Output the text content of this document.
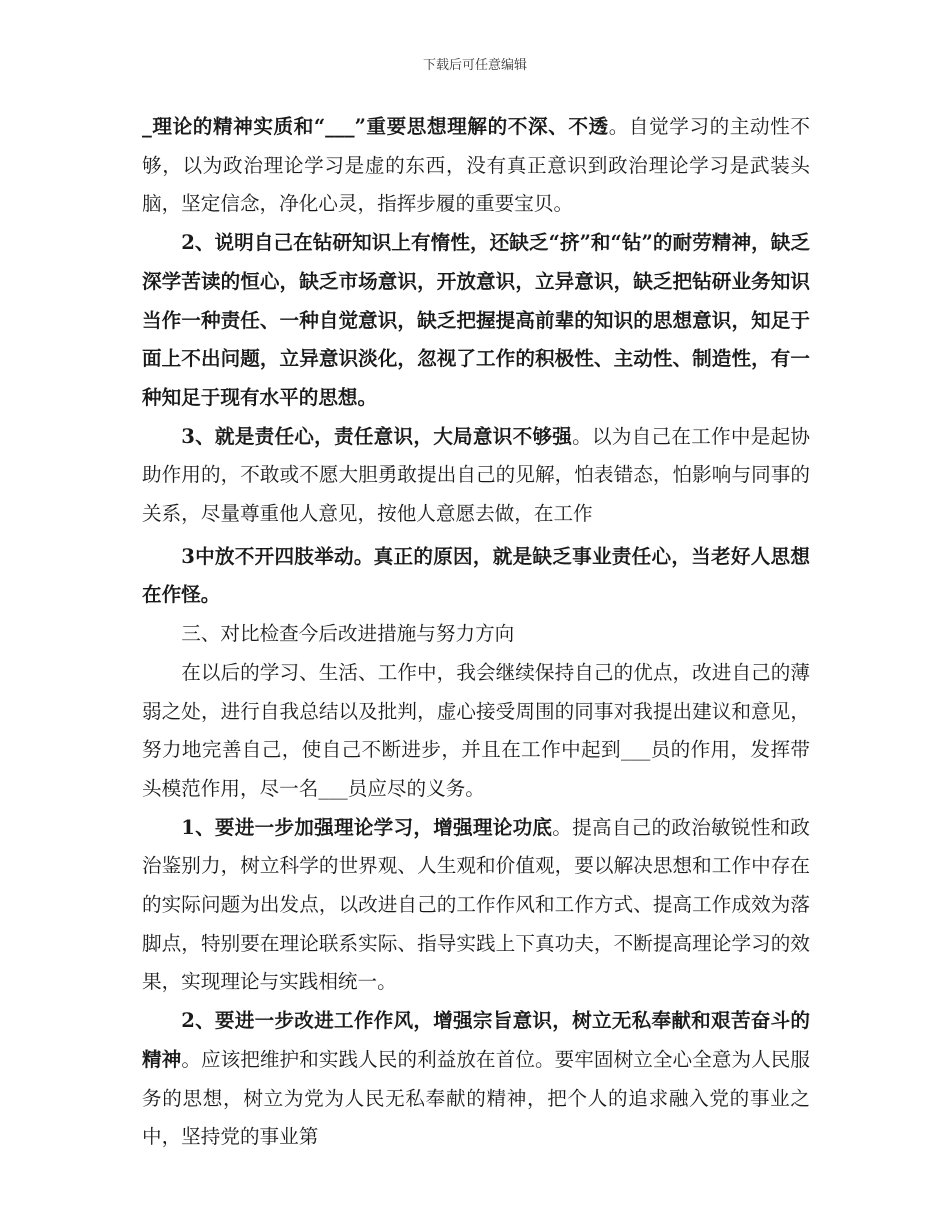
下载后可任意编辑

_理论的精神实质和“___”重要思想理解的不深、不透。自觉学习的主动性不够，以为政治理论学习是虚的东西，没有真正意识到政治理论学习是武装头脑，坚定信念，净化心灵，指挥步履的重要宝贝。

2、说明自己在钻研知识上有惰性，还缺乏“挤”和“钻”的耐劳精神，缺乏深学苦读的恒心，缺乏市场意识，开放意识，立异意识，缺乏把钻研业务知识当作一种责任、一种自觉意识，缺乏把握提高前辈的知识的思想意识，知足于面上不出问题，立异意识淡化，忽视了工作的积极性、主动性、制造性，有一种知足于现有水平的思想。

3、就是责任心，责任意识，大局意识不够强。以为自己在工作中是起协助作用的，不敢或不愿大胆勇敢提出自己的见解，怕表错态，怕影响与同事的关系，尽量尊重他人意见，按他人意愿去做，在工作

3中放不开四肢举动。真正的原因，就是缺乏事业责任心，当老好人思想在作怪。

三、对比检查今后改进措施与努力方向

在以后的学习、生活、工作中，我会继续保持自己的优点，改进自己的薄弱之处，进行自我总结以及批判，虚心接受周围的同事对我提出建议和意见，努力地完善自己，使自己不断进步，并且在工作中起到___员的作用，发挥带头模范作用，尽一名___员应尽的义务。

1、要进一步加强理论学习，增强理论功底。提高自己的政治敏锐性和政治鉴别力，树立科学的世界观、人生观和价值观，要以解决思想和工作中存在的实际问题为出发点，以改进自己的工作作风和工作方式、提高工作成效为落脚点，特别要在理论联系实际、指导实践上下真功夫，不断提高理论学习的效果，实现理论与实践相统一。

2、要进一步改进工作作风，增强宗旨意识，树立无私奉献和艰苦奋斗的精神。应该把维护和实践人民的利益放在首位。要牢固树立全心全意为人民服务的思想，树立为党为人民无私奉献的精神，把个人的追求融入党的事业之中，坚持党的事业第
